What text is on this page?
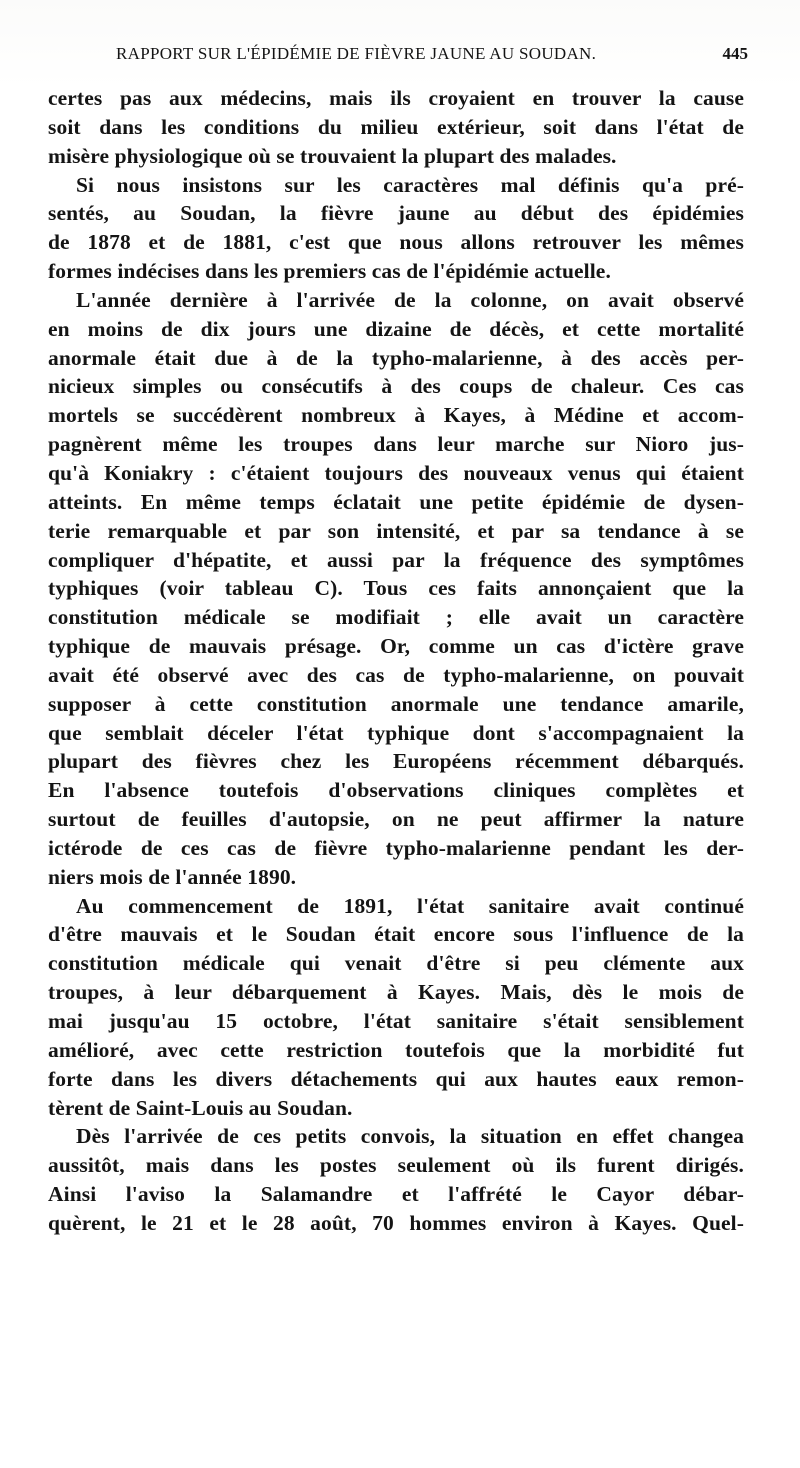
RAPPORT SUR L'ÉPIDÉMIE DE FIÈVRE JAUNE AU SOUDAN.	445
certes pas aux médecins, mais ils croyaient en trouver la cause
soit dans les conditions du milieu extérieur, soit dans l'état de
misère physiologique où se trouvaient la plupart des malades.
Si nous insistons sur les caractères mal définis qu'a pré-
sentés, au Soudan, la fièvre jaune au début des épidémies
de 1878 et de 1881, c'est que nous allons retrouver les mêmes
formes indécises dans les premiers cas de l'épidémie actuelle.
L'année dernière à l'arrivée de la colonne, on avait observé
en moins de dix jours une dizaine de décès, et cette mortalité
anormale était due à de la typho-malarienne, à des accès per-
nicieux simples ou consécutifs à des coups de chaleur. Ces cas
mortels se succédèrent nombreux à Kayes, à Médine et accom-
pagnèrent même les troupes dans leur marche sur Nioro jus-
qu'à Koniakry : c'étaient toujours des nouveaux venus qui étaient
atteints. En même temps éclatait une petite épidémie de dysen-
terie remarquable et par son intensité, et par sa tendance à se
compliquer d'hépatite, et aussi par la fréquence des symptômes
typhiques (voir tableau C). Tous ces faits annonçaient que la
constitution médicale se modifiait ; elle avait un caractère
typhique de mauvais présage. Or, comme un cas d'ictère grave
avait été observé avec des cas de typho-malarienne, on pouvait
supposer à cette constitution anormale une tendance amarile,
que semblait déceler l'état typhique dont s'accompagnaient la
plupart des fièvres chez les Européens récemment débarqués.
En l'absence toutefois d'observations cliniques complètes et
surtout de feuilles d'autopsie, on ne peut affirmer la nature
ictérode de ces cas de fièvre typho-malarienne pendant les der-
niers mois de l'année 1890.
Au commencement de 1891, l'état sanitaire avait continué
d'être mauvais et le Soudan était encore sous l'influence de la
constitution médicale qui venait d'être si peu clémente aux
troupes, à leur débarquement à Kayes. Mais, dès le mois de
mai jusqu'au 15 octobre, l'état sanitaire s'était sensiblement
amélioré, avec cette restriction toutefois que la morbidité fut
forte dans les divers détachements qui aux hautes eaux remon-
tèrent de Saint-Louis au Soudan.
Dès l'arrivée de ces petits convois, la situation en effet changea
aussitôt, mais dans les postes seulement où ils furent dirigés.
Ainsi l'aviso la Salamandre et l'affrété le Cayor débar-
quèrent, le 21 et le 28 août, 70 hommes environ à Kayes. Quel-
